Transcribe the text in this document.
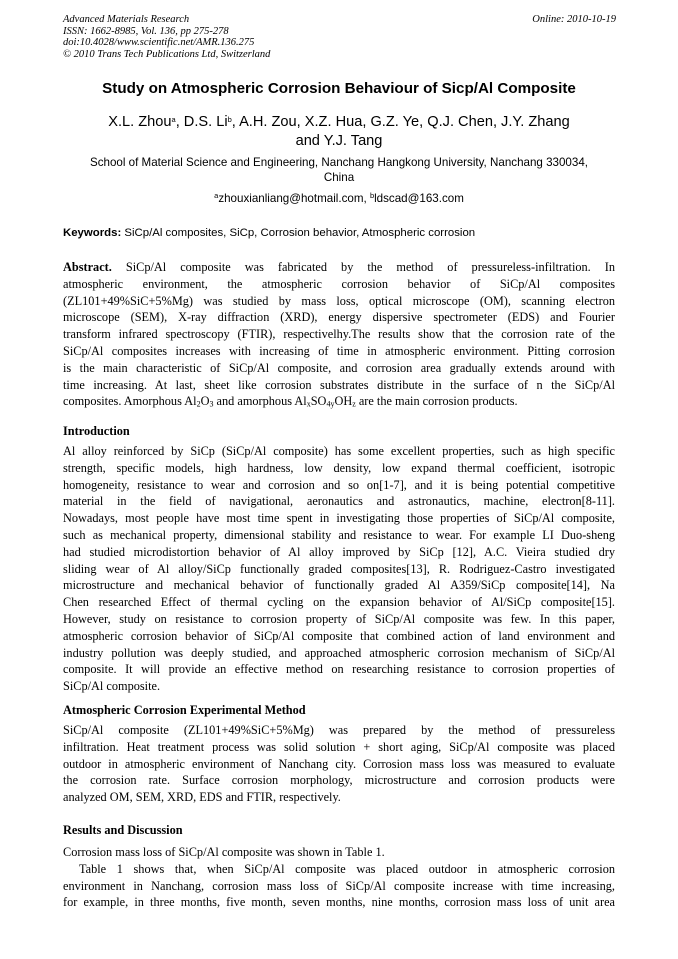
Advanced Materials Research
ISSN: 1662-8985, Vol. 136, pp 275-278
doi:10.4028/www.scientific.net/AMR.136.275
© 2010 Trans Tech Publications Ltd, Switzerland
Online: 2010-10-19
Study on Atmospheric Corrosion Behaviour of Sicp/Al Composite
X.L. Zhou$^a$, D.S. Li$^b$, A.H. Zou, X.Z. Hua, G.Z. Ye, Q.J. Chen, J.Y. Zhang
and Y.J. Tang
School of Material Science and Engineering, Nanchang Hangkong University, Nanchang 330034,
China
$^a$zhouxianliang@hotmail.com, $^b$ldscad@163.com
Keywords: SiCp/Al composites, SiCp, Corrosion behavior, Atmospheric corrosion
Abstract. SiCp/Al composite was fabricated by the method of pressureless-infiltration. In
atmospheric environment, the atmospheric corrosion behavior of SiCp/Al composites
(ZL101+49%SiC+5%Mg) was studied by mass loss, optical microscope (OM), scanning electron
microscope (SEM), X-ray diffraction (XRD), energy dispersive spectrometer (EDS) and Fourier
transform infrared spectroscopy (FTIR), respectivelhy.The results show that the corrosion rate of the
SiCp/Al composites increases with increasing of time in atmospheric environment. Pitting corrosion
is the main characteristic of SiCp/Al composite, and corrosion area gradually extends around with
time increasing. At last, sheet like corrosion substrates distribute in the surface of n the SiCp/Al
composites. Amorphous $Al_2O_3$ and amorphous $Al_xSO_{4y}OH_z$ are the main corrosion products.
Introduction
Al alloy reinforced by SiCp (SiCp/Al composite) has some excellent properties, such as high specific
strength, specific models, high hardness, low density, low expand thermal coefficient, isotropic
homogeneity, resistance to wear and corrosion and so on[1-7], and it is being potential competitive
material in the field of navigational, aeronautics and astronautics, machine, electron[8-11].
Nowadays, most people have most time spent in investigating those properties of SiCp/Al composite,
such as mechanical property, dimensional stability and resistance to wear. For example LI Duo-sheng
had studied microdistortion behavior of Al alloy improved by SiCp [12], A.C. Vieira studied dry
sliding wear of Al alloy/SiCp functionally graded composites[13], R. Rodriguez-Castro investigated
microstructure and mechanical behavior of functionally graded Al A359/SiCp composite[14], Na
Chen researched Effect of thermal cycling on the expansion behavior of Al/SiCp composite[15].
However, study on resistance to corrosion property of SiCp/Al composite was few. In this paper,
atmospheric corrosion behavior of SiCp/Al composite that combined action of land environment and
industry pollution was deeply studied, and approached atmospheric corrosion mechanism of SiCp/Al
composite. It will provide an effective method on researching resistance to corrosion properties of
SiCp/Al composite.
Atmospheric Corrosion Experimental Method
SiCp/Al composite (ZL101+49%SiC+5%Mg) was prepared by the method of pressureless
infiltration. Heat treatment process was solid solution + short aging, SiCp/Al composite was placed
outdoor in atmospheric environment of Nanchang city. Corrosion mass loss was measured to evaluate
the corrosion rate. Surface corrosion morphology, microstructure and corrosion products were
analyzed OM, SEM, XRD, EDS and FTIR, respectively.
Results and Discussion
Corrosion mass loss of SiCp/Al composite was shown in Table 1.
Table 1 shows that, when SiCp/Al composite was placed outdoor in atmospheric corrosion
environment in Nanchang, corrosion mass loss of SiCp/Al composite increase with time increasing,
for example, in three months, five month, seven months, nine months, corrosion mass loss of unit area
